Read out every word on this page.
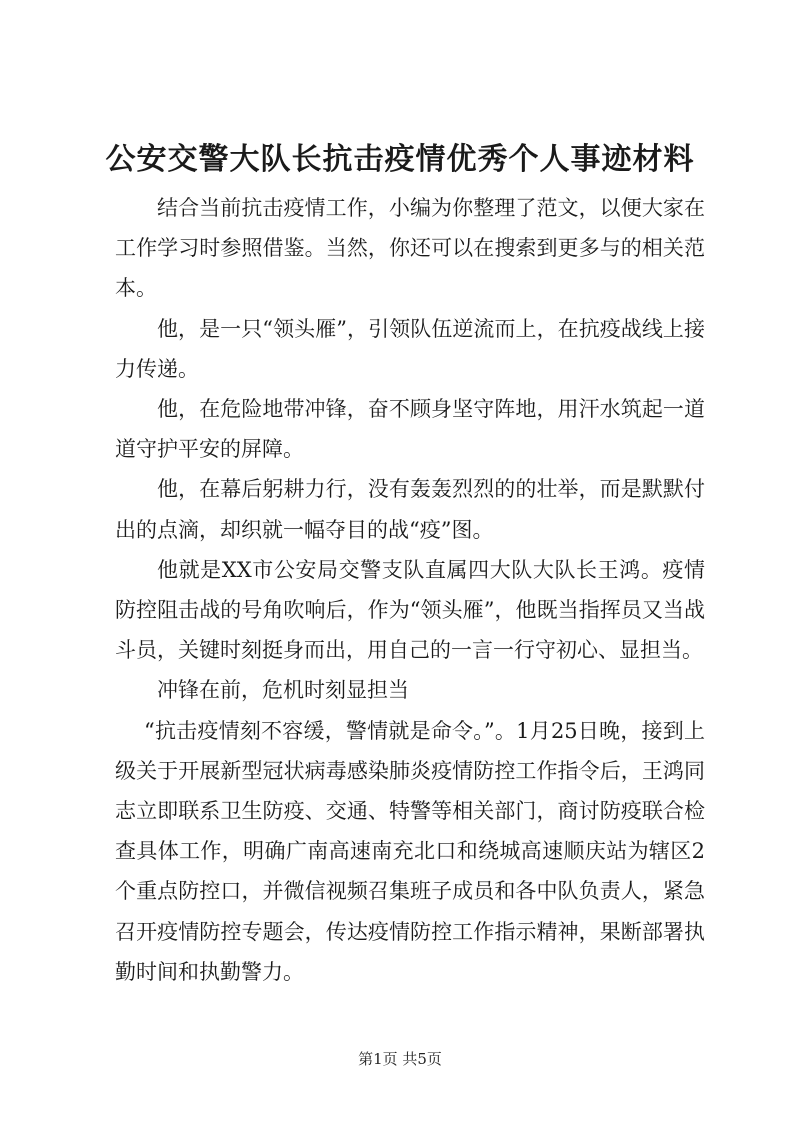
公安交警大队长抗击疫情优秀个人事迹材料

结合当前抗击疫情工作，小编为你整理了范文，以便大家在工作学习时参照借鉴。当然，你还可以在搜索到更多与的相关范本。

他，是一只“领头雁”，引领队伍逆流而上，在抗疫战线上接力传递。

他，在危险地带冲锋，奋不顾身坚守阵地，用汗水筑起一道道守护平安的屏障。

他，在幕后躬耕力行，没有轰轰烈烈的的壮举，而是默默付出的点滴，却织就一幅夺目的战“疫”图。

他就是XX市公安局交警支队直属四大队大队长王鸿。疫情防控阻击战的号角吹响后，作为“领头雁”，他既当指挥员又当战斗员，关键时刻挺身而出，用自己的一言一行守初心、显担当。

冲锋在前，危机时刻显担当

“抗击疫情刻不容缓，警情就是命令。”。1月25日晚，接到上级关于开展新型冠状病毒感染肺炎疫情防控工作指令后，王鸿同志立即联系卫生防疫、交通、特警等相关部门，商讨防疫联合检查具体工作，明确广南高速南充北口和绕城高速顺庆站为辖区2个重点防控口，并微信视频召集班子成员和各中队负责人，紧急召开疫情防控专题会，传达疫情防控工作指示精神，果断部署执勤时间和执勤警力。

第1页 共5页
